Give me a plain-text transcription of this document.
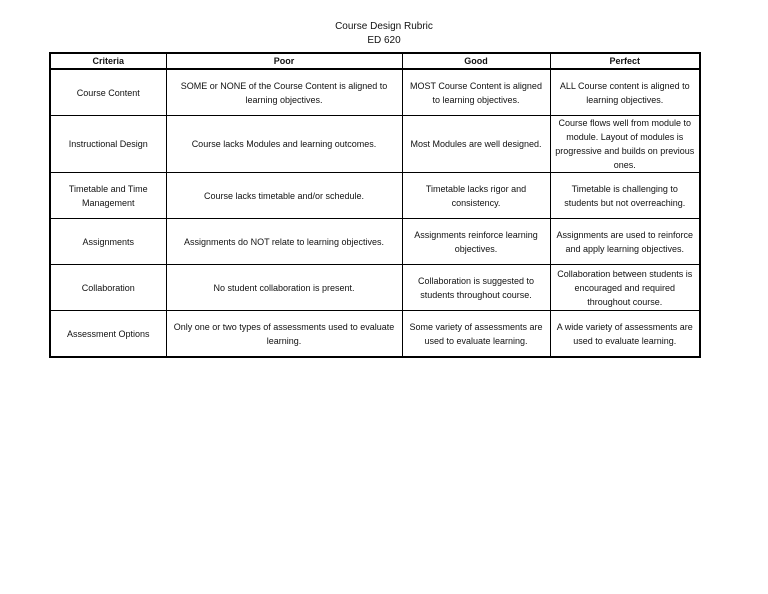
Course Design Rubric
ED 620
Criteria	Poor	Good	Perfect
Course Content	SOME or NONE of the Course Content is aligned to learning objectives.	MOST Course Content is aligned to learning objectives.	ALL Course content is aligned to learning objectives.
Instructional Design	Course lacks Modules and learning outcomes.	Most Modules are well designed.	Course flows well from module to module. Layout of modules is progressive and builds on previous ones.
Timetable and Time Management	Course lacks timetable and/or schedule.	Timetable lacks rigor and consistency.	Timetable is challenging to students but not overreaching.
Assignments	Assignments do NOT relate to learning objectives.	Assignments reinforce learning objectives.	Assignments are used to reinforce and apply learning objectives.
Collaboration	No student collaboration is present.	Collaboration is suggested to students throughout course.	Collaboration between students is encouraged and required throughout course.
Assessment Options	Only one or two types of assessments used to evaluate learning.	Some variety of assessments are used to evaluate learning.	A wide variety of assessments are used to evaluate learning.
